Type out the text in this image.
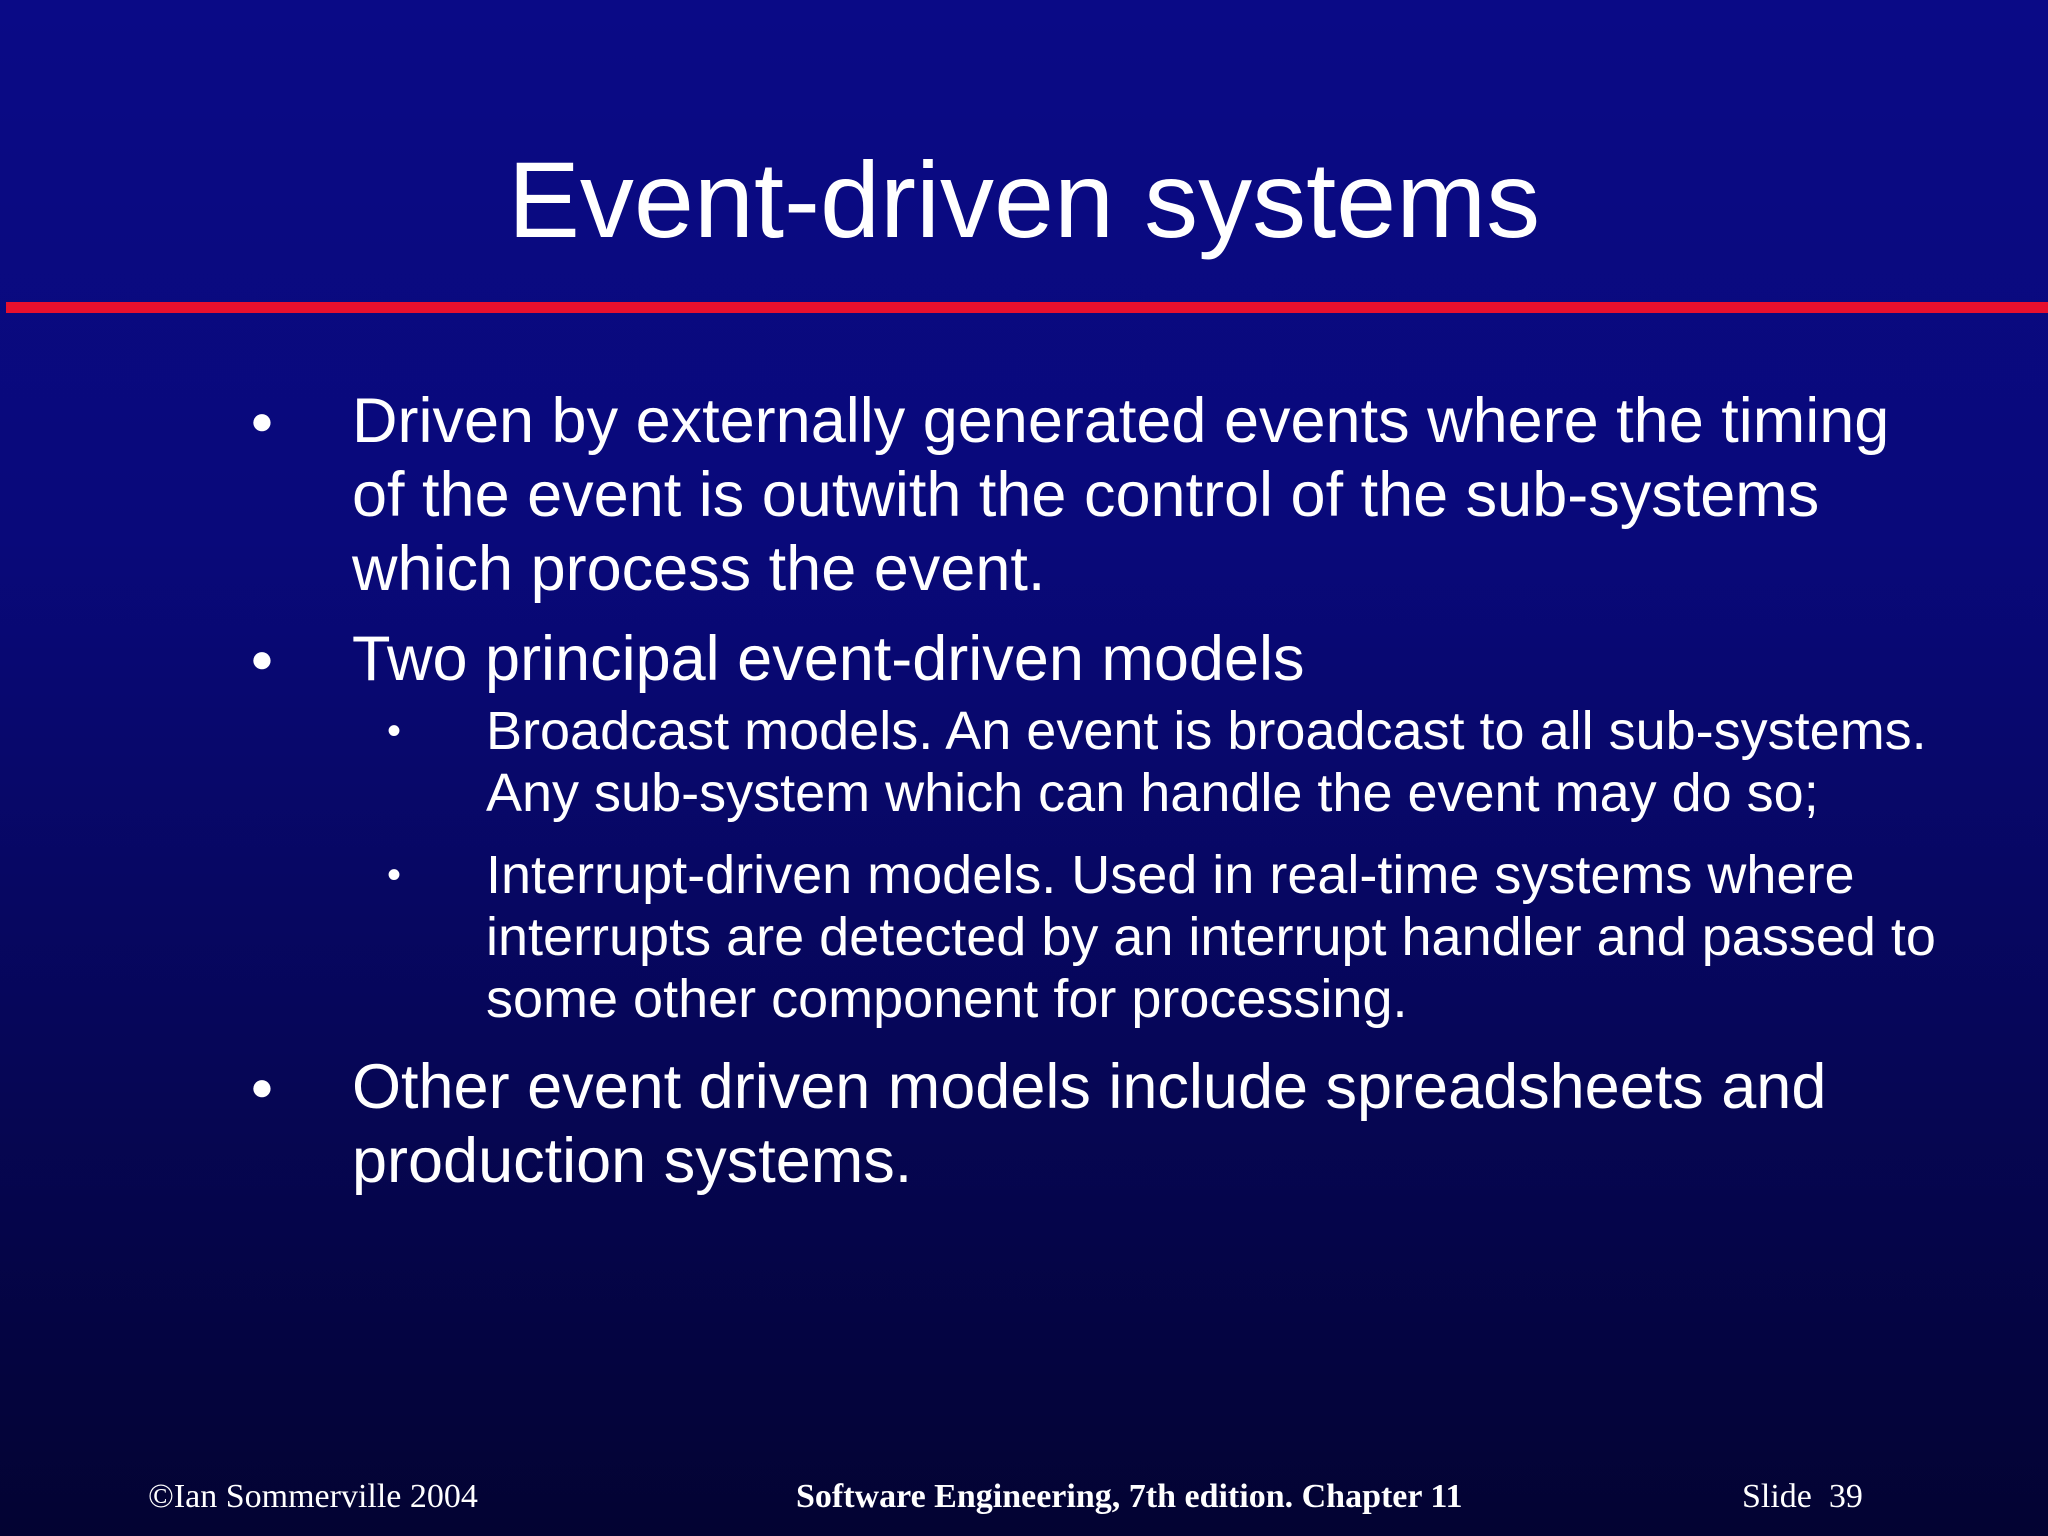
Event-driven systems
● Driven by externally generated events where the timing of the event is outwith the control of the sub-systems which process the event.
● Two principal event-driven models
• Broadcast models. An event is broadcast to all sub-systems. Any sub-system which can handle the event may do so;
• Interrupt-driven models. Used in real-time systems where interrupts are detected by an interrupt handler and passed to some other component for processing.
● Other event driven models include spreadsheets and production systems.
©Ian Sommerville 2004	Software Engineering, 7th edition. Chapter 11	Slide  39
